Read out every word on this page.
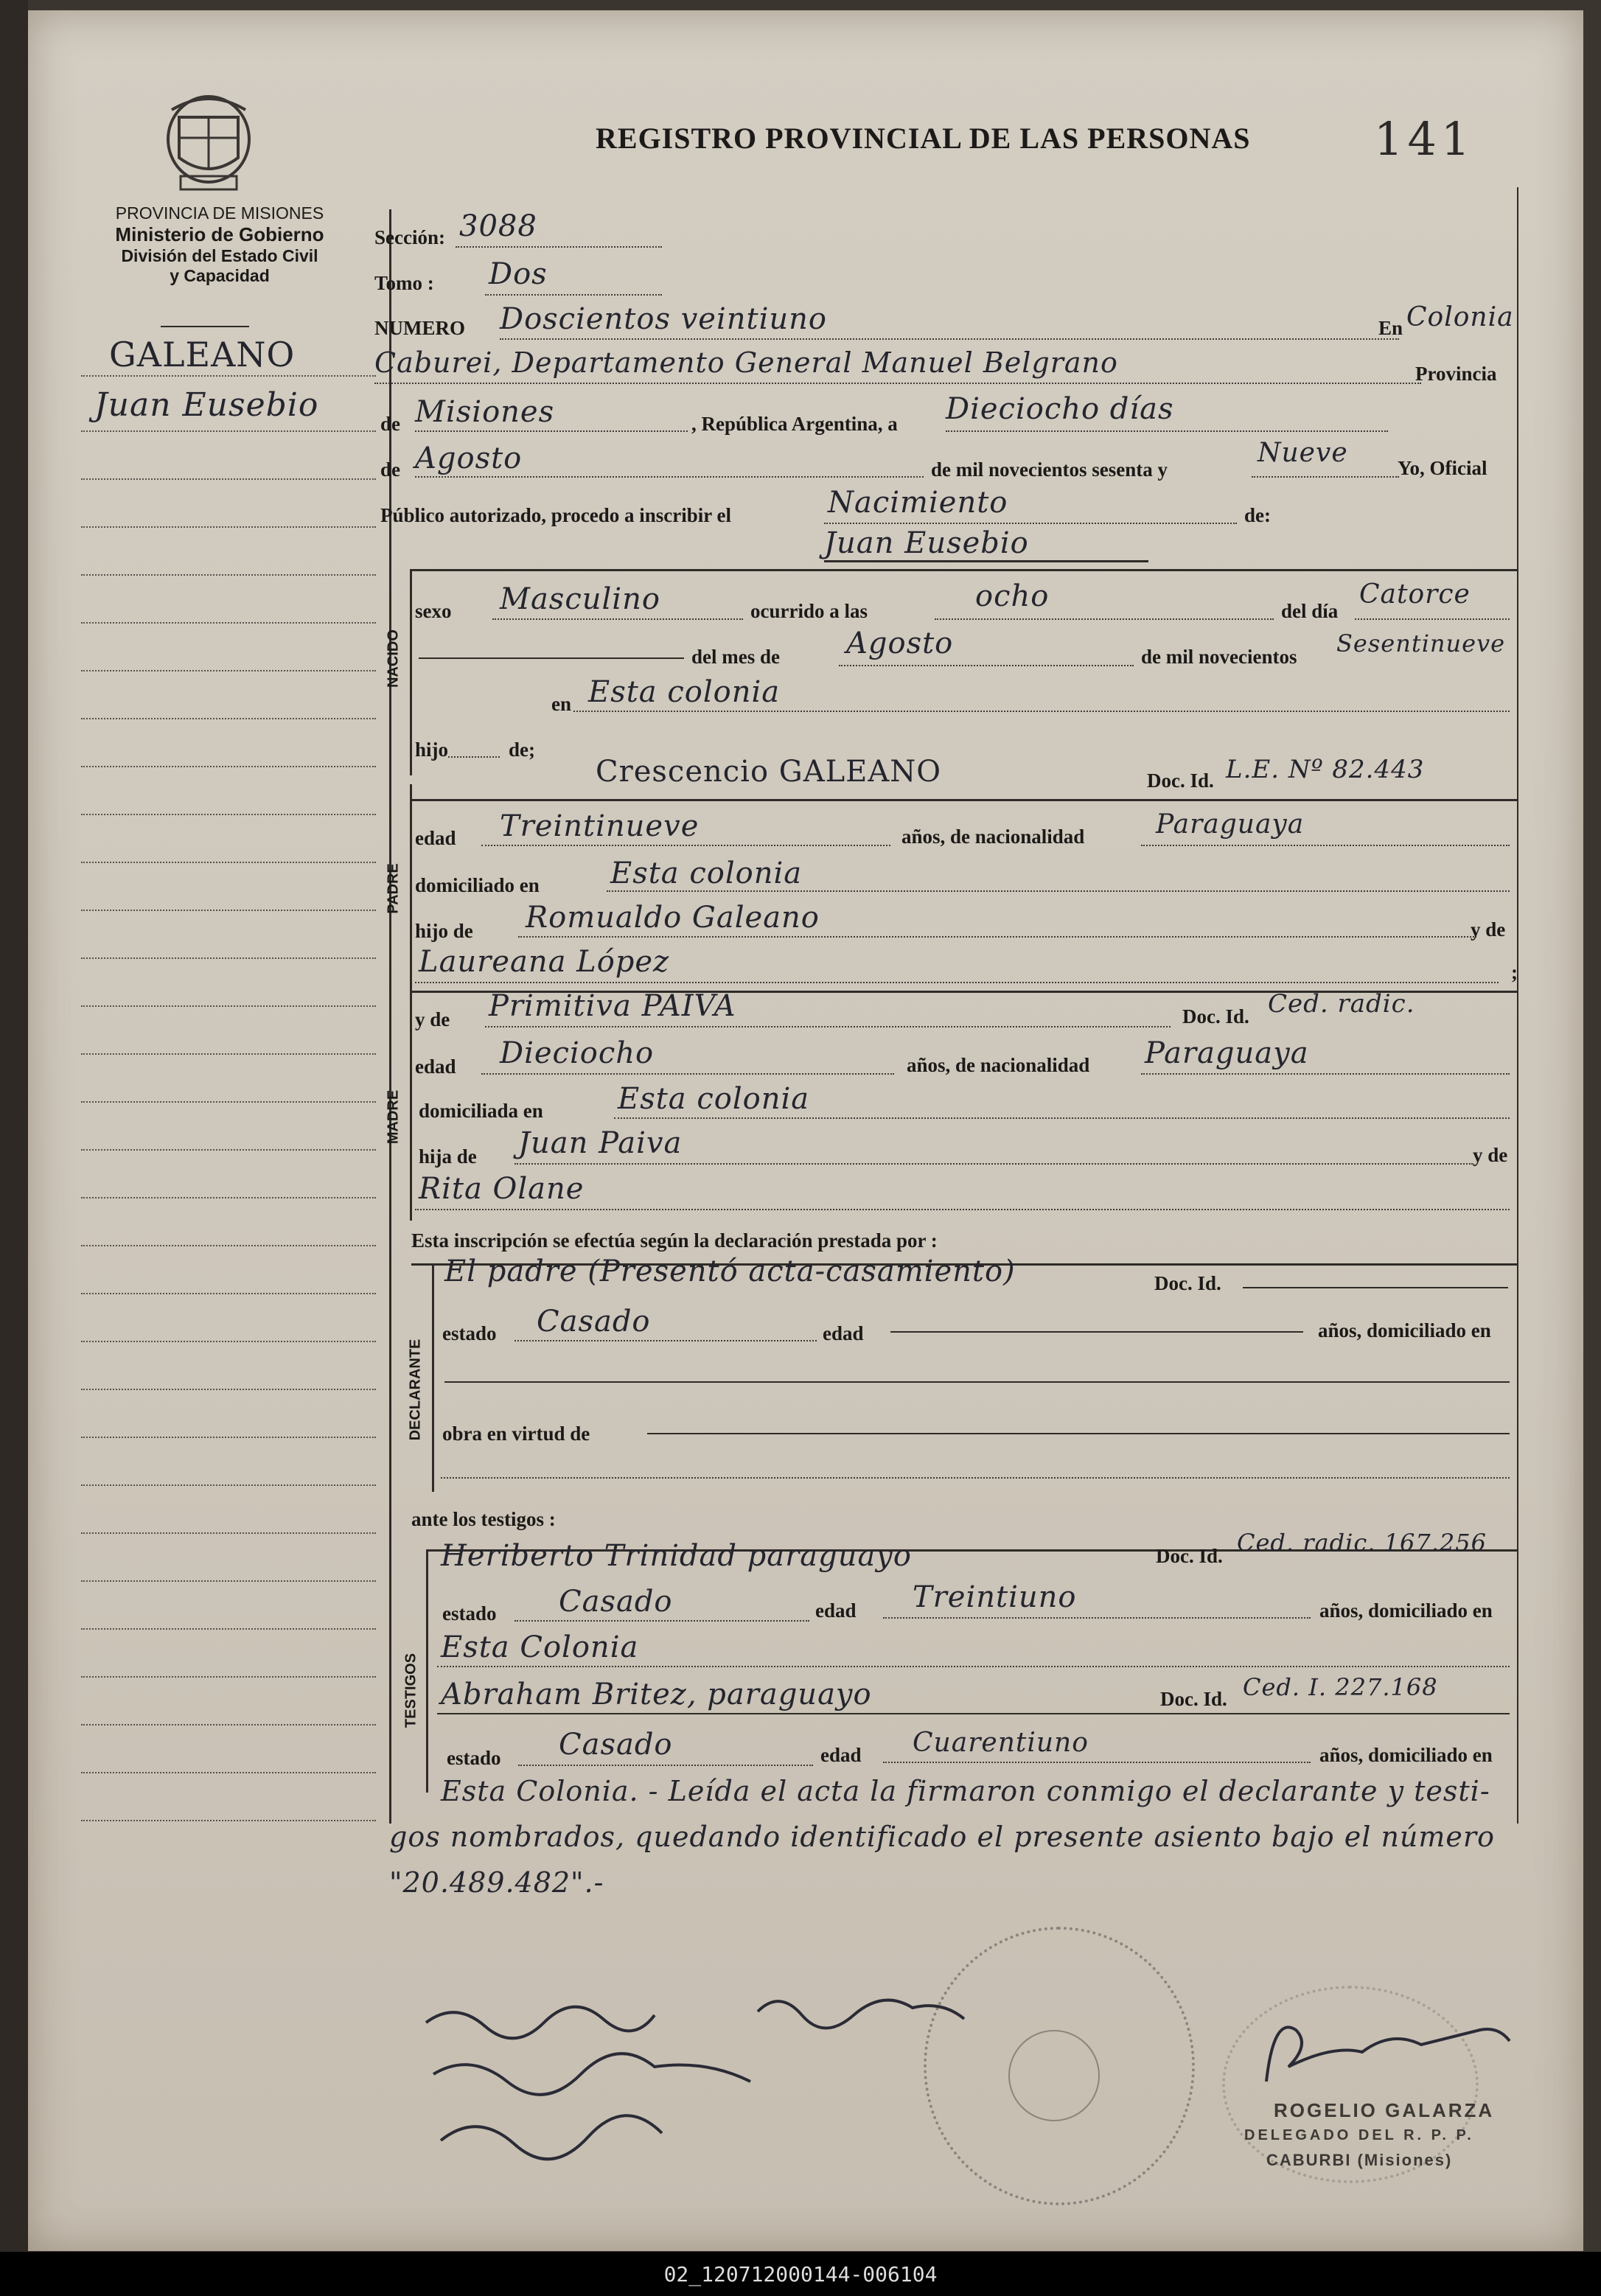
PROVINCIA DE MISIONES
Ministerio de Gobierno
División del Estado Civil
y Capacidad
GALEANO
Juan Eusebio
REGISTRO PROVINCIAL DE LAS PERSONAS	141
Sección: 3088
Tomo : Dos
NUMERO Doscientos veintiuno	En Colonia
Caburei, Departamento General Manuel Belgrano	Provincia
de Misiones	, República Argentina, a Dieciocho días
de Agosto	de mil novecientos sesenta y
Nueve Yo, Oficial
Público autorizado, procedo a inscribir el	Nacimiento	de:
Juan Eusebio
NACIDO
sexo Masculino	ocurrido a las	ocho	del día
Catorce
del mes de Agosto	de mil novecientos Sesentinueve
en Esta colonia
hijo	de;
PADRE
Crescencio GALEANO	Doc. Id. L.E. Nº 82.443
edad Treintinueve	años, de nacionalidad	Paraguaya
domiciliado en Esta colonia
hijo de Romualdo Galeano	y de
Laureana López	;
MADRE
y de Primitiva PAIVA	Doc. Id. Ced. radic.
edad Dieciocho	años, de nacionalidad Paraguaya
domiciliada en	Esta colonia
hija de Juan Paiva	y de
Rita Olane
Esta inscripción se efectúa según la declaración prestada por :
DECLARANTE
El padre (Presentó acta-casamiento)	Doc. Id.
estado Casado	edad	años, domiciliado en
obra en virtud de
ante los testigos :
TESTIGOS
Heriberto Trinidad paraguayo	Doc. Id. Ced. radic. 167.256
estado Casado	edad Treintiuno	años, domiciliado en
Esta Colonia
Abraham Britez, paraguayo	Doc. Id. Ced. I. 227.168
estado Casado	edad Cuarentiuno	años, domiciliado en
Esta Colonia. - Leída el acta la firmaron conmigo el declarante y testi-
gos nombrados, quedando identificado el presente asiento bajo el número
"20.489.482".-
ROGELIO GALARZA
DELEGADO DEL R. P. P.
CABURBI (Misiones)
02_120712000144-006104
